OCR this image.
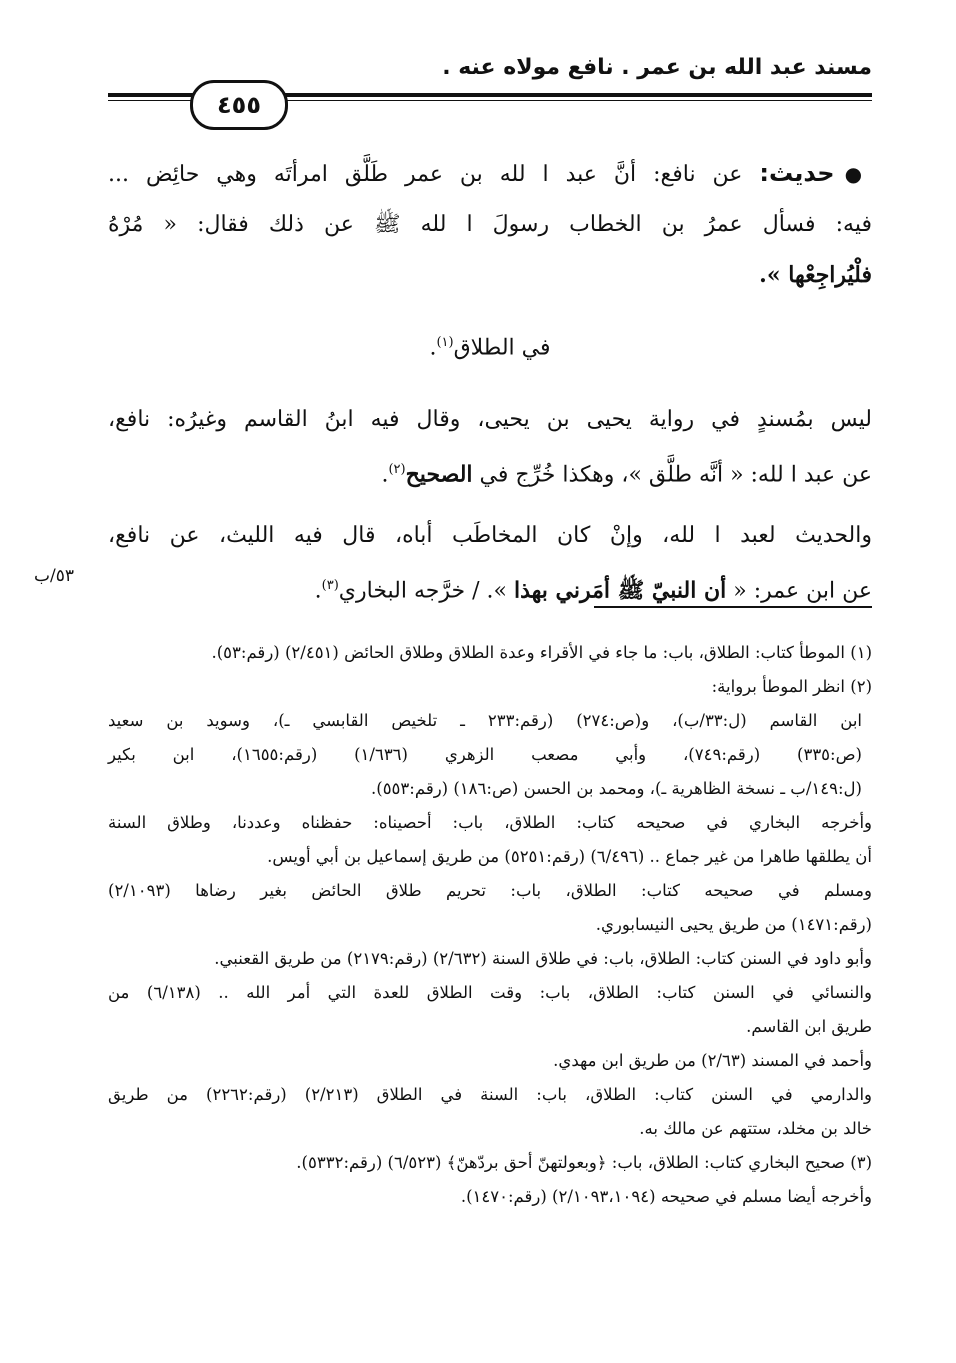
مسند عبد الله بن عمر . نافع مولاه عنه .
٤٥٥
●حديث: عن نافع: أنَّ عبد ا لله بن عمر طَلَّق امرأتَه وهي حائِض ...
فيه: فسأل عمرُ بن الخطاب رسولَ ا لله ﷺ عن ذلك فقال: « مُرْهُ
فلْيُراجِعْها ».
في الطلاق$^{(١)}$.
ليس بمُسندٍ في رواية يحيى بن يحيى، وقال فيه ابنُ القاسم وغيرُه: نافع،
عن عبد ا لله: « أنَّه طلَّق »، وهكذا خُرِّج في الصحيح$^{(٢)}$.
والحديث لعبد ا لله، وإنْ كان المخاطَب أباه، قال فيه الليث، عن نافع،
عن ابن عمر: « أن النبيّ ﷺ أمَرني بهذا ». / خرَّجه البخاري$^{(٣)}$.
٥٣/ب
(١) الموطأ كتاب: الطلاق، باب: ما جاء في الأقراء وعدة الطلاق وطلاق الحائض (٢/٤٥١) (رقم:٥٣).
(٢) انظر الموطأ برواية:
ابن القاسم (ل:٣٣/ب)، و(ص:٢٧٤) (رقم:٢٣٣ ـ تلخيص القابسي ـ)، وسويد بن سعيد
(ص:٣٣٥) (رقم:٧٤٩)، وأبي مصعب الزهري (١/٦٣٦) (رقم:١٦٥٥)، ابن بكير
(ل:١٤٩/ب ـ نسخة الظاهرية ـ)، ومحمد بن الحسن (ص:١٨٦) (رقم:٥٥٣).
وأخرجه البخاري في صحيحه كتاب: الطلاق، باب: أحصيناه: حفظناه وعددنا، وطلاق السنة
أن يطلقها طاهرا من غير جماع .. (٦/٤٩٦) (رقم:٥٢٥١) من طريق إسماعيل بن أبي أويس.
ومسلم في صحيحه كتاب: الطلاق، باب: تحريم طلاق الحائض بغير رضاها (٢/١٠٩٣)
(رقم:١٤٧١) من طريق يحيى النيسابوري.
وأبو داود في السنن كتاب: الطلاق، باب: في طلاق السنة (٢/٦٣٢) (رقم:٢١٧٩) من طريق القعنبي.
والنسائي في السنن كتاب: الطلاق، باب: وقت الطلاق للعدة التي أمر الله .. (٦/١٣٨) من
طريق ابن القاسم.
وأحمد في المسند (٢/٦٣) من طريق ابن مهدي.
والدارمي في السنن كتاب: الطلاق، باب: السنة في الطلاق (٢/٢١٣) (رقم:٢٢٦٢) من طريق
خالد بن مخلد، ستتهم عن مالك به.
(٣) صحيح البخاري كتاب: الطلاق، باب: ﴿وبعولتهنّ أحق بردّهنّ﴾ (٦/٥٢٣) (رقم:٥٣٣٢).
وأخرجه أيضا مسلم في صحيحه (٢/١٠٩٣،١٠٩٤) (رقم:١٤٧٠).
